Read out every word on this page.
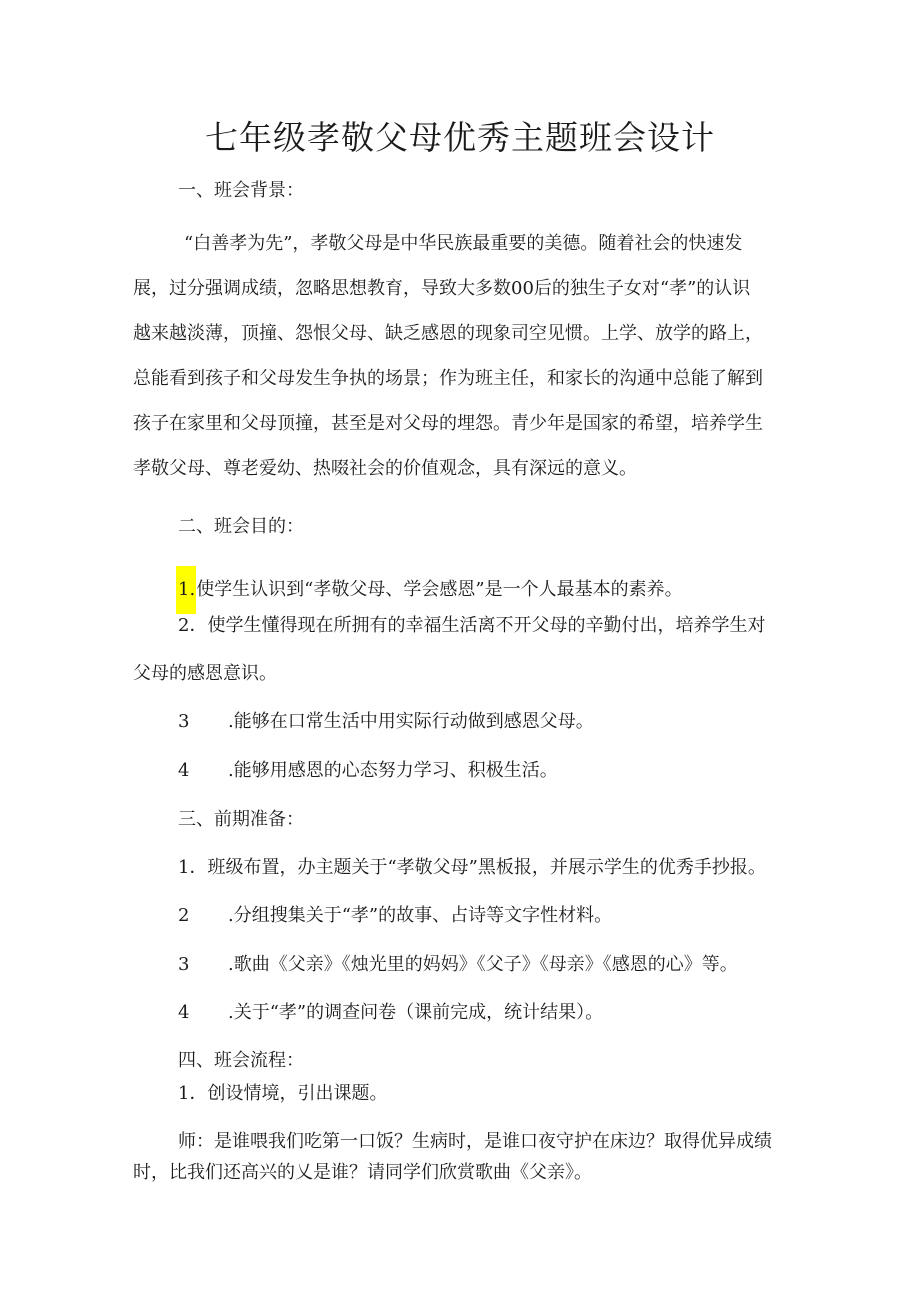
七年级孝敬父母优秀主题班会设计
一、班会背景：
“白善孝为先”，孝敬父母是中华民族最重要的美德。随着社会的快速发
展，过分强调成绩，忽略思想教育，导致大多数00后的独生子女对“孝”的认识
越来越淡薄，顶撞、怨恨父母、缺乏感恩的现象司空见惯。上学、放学的路上，
总能看到孩子和父母发生争执的场景；作为班主任，和家长的沟通中总能了解到
孩子在家里和父母顶撞，甚至是对父母的埋怨。青少年是国家的希望，培养学生
孝敬父母、尊老爱幼、热啜社会的价值观念，具有深远的意义。
二、班会目的：
1.使学生认识到“孝敬父母、学会感恩”是一个人最基本的素养。
2．使学生懂得现在所拥有的幸福生活离不开父母的辛勤付出，培养学生对
父母的感恩意识。
3 .能够在口常生活中用实际行动做到感恩父母。
4 .能够用感恩的心态努力学习、积极生活。
三、前期准备：
1．班级布置，办主题关于“孝敬父母”黑板报，并展示学生的优秀手抄报。
2 .分组搜集关于“孝”的故事、占诗等文字性材料。
3 .歌曲《父亲》《烛光里的妈妈》《父子》《母亲》《感恩的心》等。
4 .关于“孝”的调查问卷（课前完成，统计结果）。
四、班会流程：
1．创设情境，引出课题。
师：是谁喂我们吃第一口饭？生病时，是谁口夜守护在床边？取得优异成绩
时，比我们还高兴的乂是谁？请同学们欣赏歌曲《父亲》。
